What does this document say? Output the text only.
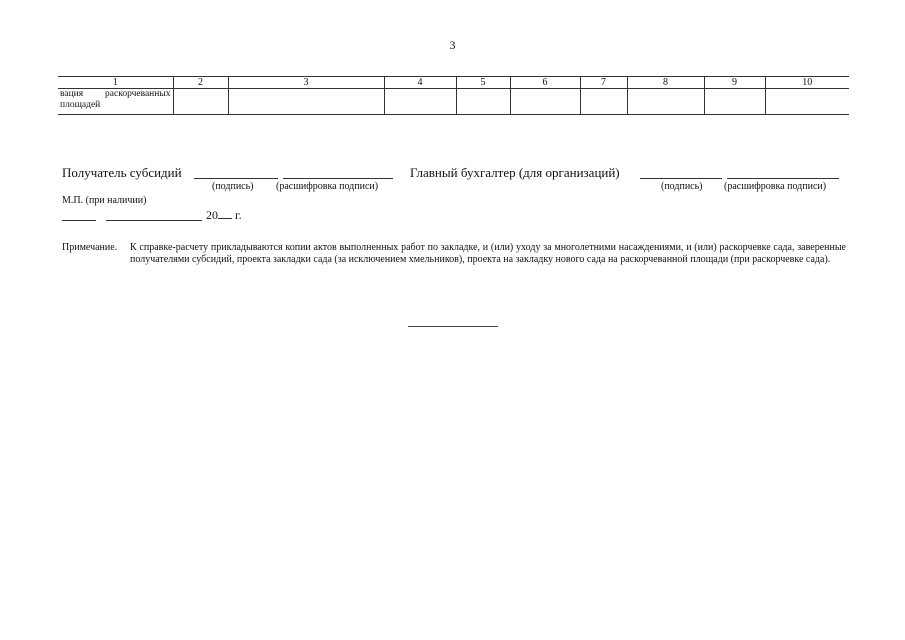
3
1	2	3	4	5	6	7	8	9	10
вация раскорчеванных площадей									
Получатель субсидий
(подпись) (расшифровка подписи)
Главный бухгалтер (для организаций)
(подпись) (расшифровка подписи)
М.П. (при наличии)
20 г.
Примечание.	К справке-расчету прикладываются копии актов выполненных работ по закладке, и (или) уходу за многолетними насаждениями, и (или) раскорчевке сада, заверенные получателями субсидий, проекта закладки сада (за исключением хмельников), проекта на закладку нового сада на раскорчеванной площади (при раскорчевке сада).
